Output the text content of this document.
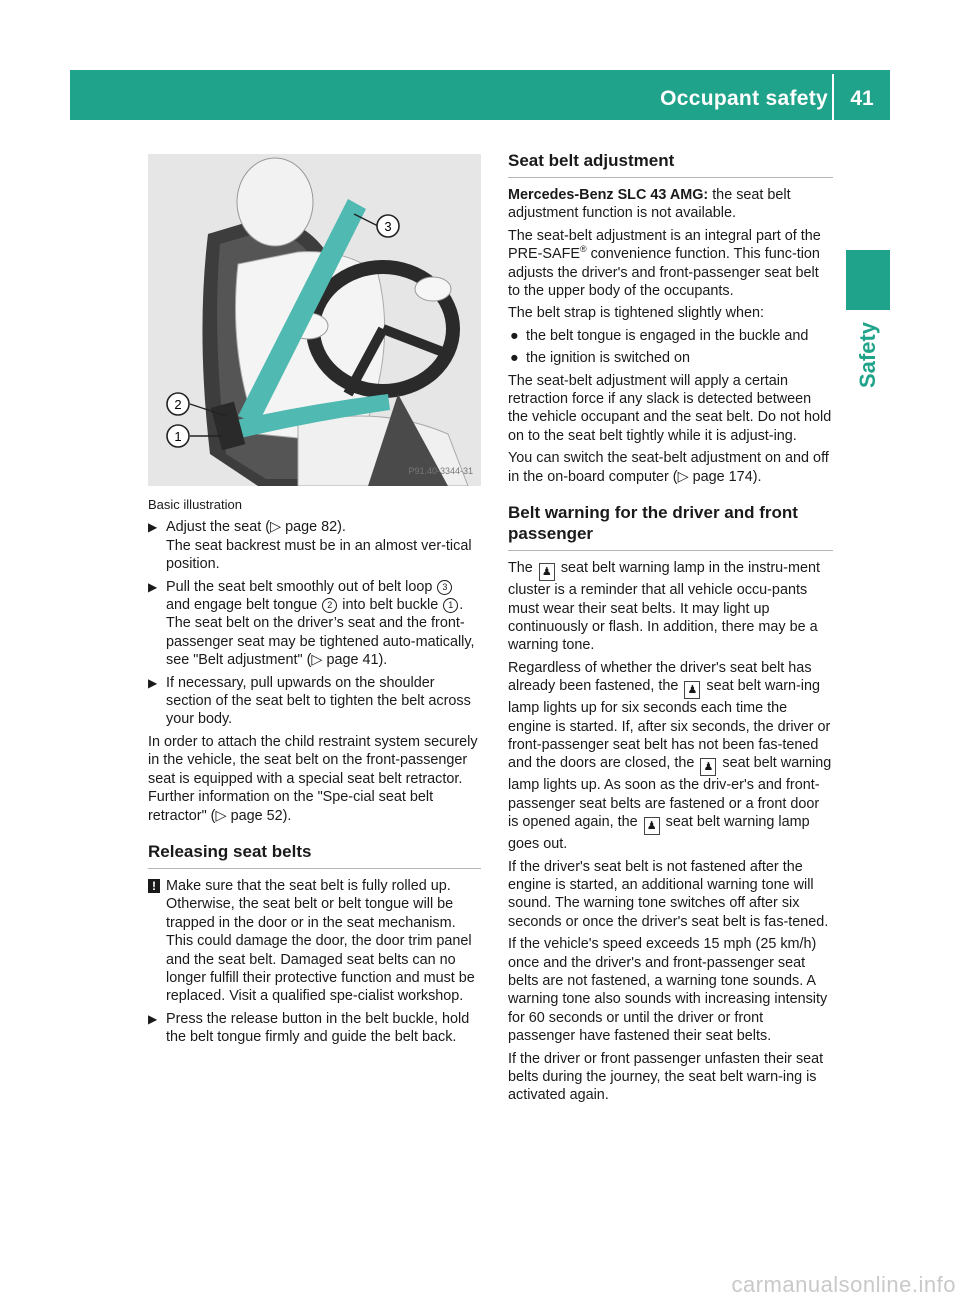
Occupant safety	41
Safety
3
2
1
P91.40-3344-31
Basic illustration
▶ Adjust the seat (▷ page 82).
The seat backrest must be in an almost ver-tical position.
▶ Pull the seat belt smoothly out of belt loop 3 and engage belt tongue 2 into belt buckle 1 .
The seat belt on the driver’s seat and the front-passenger seat may be tightened auto-matically, see "Belt adjustment" (▷ page 41).
▶ If necessary, pull upwards on the shoulder section of the seat belt to tighten the belt across your body.
In order to attach the child restraint system securely in the vehicle, the seat belt on the front-passenger seat is equipped with a special seat belt retractor. Further information on the "Spe-cial seat belt retractor" (▷ page 52).
Releasing seat belts
! Make sure that the seat belt is fully rolled up. Otherwise, the seat belt or belt tongue will be trapped in the door or in the seat mechanism. This could damage the door, the door trim panel and the seat belt. Damaged seat belts can no longer fulfill their protective function and must be replaced. Visit a qualified spe-cialist workshop.
▶ Press the release button in the belt buckle, hold the belt tongue firmly and guide the belt back.
Seat belt adjustment
Mercedes-Benz SLC 43 AMG: the seat belt adjustment function is not available.
The seat-belt adjustment is an integral part of the PRE-SAFE® convenience function. This func-tion adjusts the driver's and front-passenger seat belt to the upper body of the occupants.
The belt strap is tightened slightly when:
● the belt tongue is engaged in the buckle and
● the ignition is switched on
The seat-belt adjustment will apply a certain retraction force if any slack is detected between the vehicle occupant and the seat belt. Do not hold on to the seat belt tightly while it is adjust-ing.
You can switch the seat-belt adjustment on and off in the on-board computer (▷ page 174).
Belt warning for the driver and front passenger
The ♟ seat belt warning lamp in the instru-ment cluster is a reminder that all vehicle occu-pants must wear their seat belts. It may light up continuously or flash. In addition, there may be a warning tone.
Regardless of whether the driver's seat belt has already been fastened, the ♟ seat belt warn-ing lamp lights up for six seconds each time the engine is started. If, after six seconds, the driver or front-passenger seat belt has not been fas-tened and the doors are closed, the ♟ seat belt warning lamp lights up. As soon as the driv-er's and front-passenger seat belts are fastened or a front door is opened again, the ♟ seat belt warning lamp goes out.
If the driver's seat belt is not fastened after the engine is started, an additional warning tone will sound. The warning tone switches off after six seconds or once the driver's seat belt is fas-tened.
If the vehicle's speed exceeds 15 mph (25 km/h) once and the driver's and front-passenger seat belts are not fastened, a warning tone sounds. A warning tone also sounds with increasing intensity for 60 seconds or until the driver or front passenger have fastened their seat belts.
If the driver or front passenger unfasten their seat belts during the journey, the seat belt warn-ing is activated again.
carmanualsonline.info
